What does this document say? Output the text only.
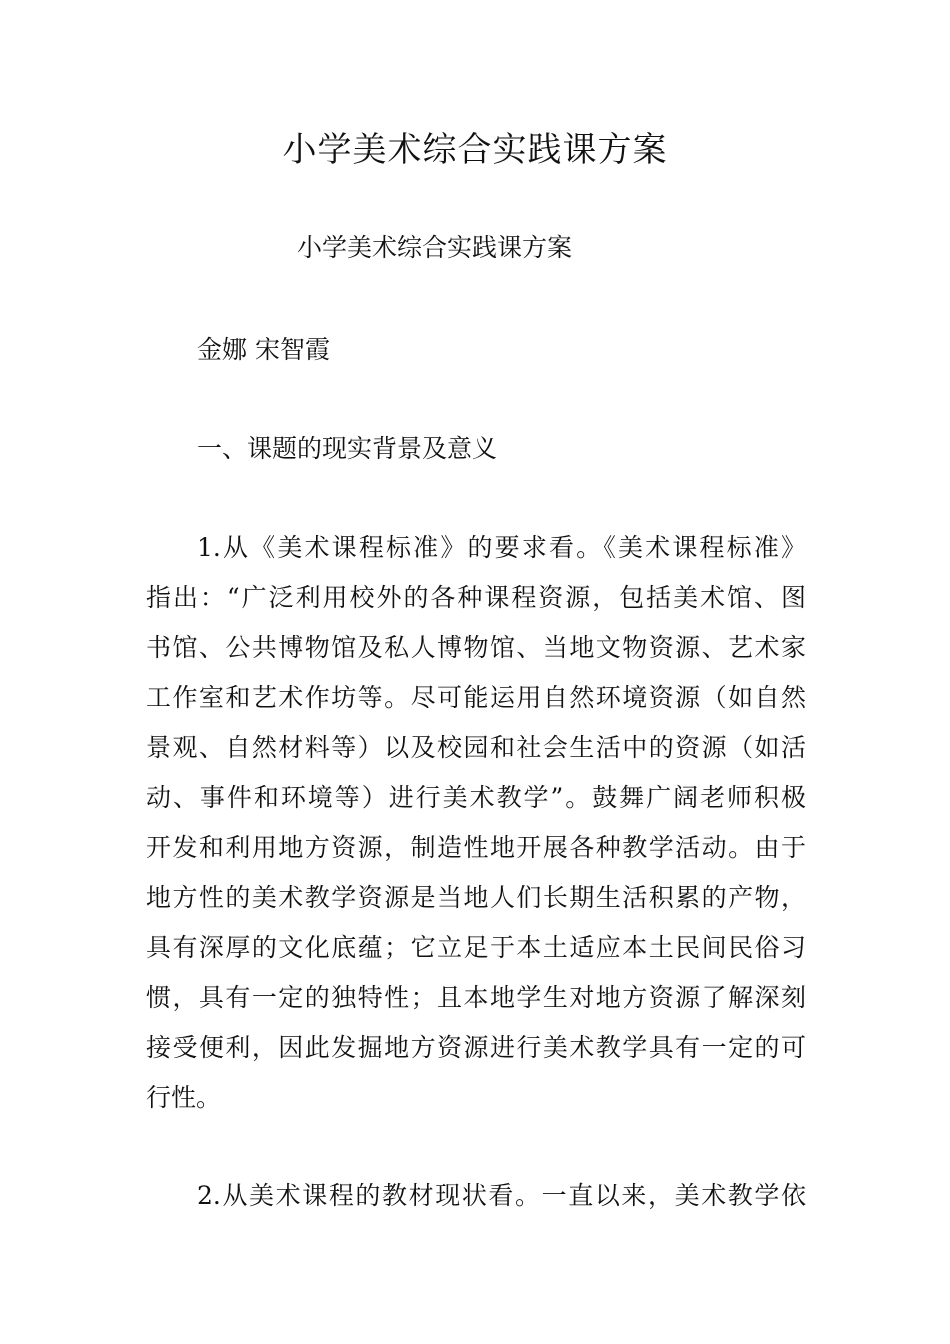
小学美术综合实践课方案
小学美术综合实践课方案
金娜 宋智霞
一、课题的现实背景及意义
1.从《美术课程标准》的要求看。《美术课程标准》
指出：“广泛利用校外的各种课程资源，包括美术馆、图
书馆、公共博物馆及私人博物馆、当地文物资源、艺术家
工作室和艺术作坊等。尽可能运用自然环境资源（如自然
景观、自然材料等）以及校园和社会生活中的资源（如活
动、事件和环境等）进行美术教学”。鼓舞广阔老师积极
开发和利用地方资源，制造性地开展各种教学活动。由于
地方性的美术教学资源是当地人们长期生活积累的产物，
具有深厚的文化底蕴；它立足于本土适应本土民间民俗习
惯，具有一定的独特性；且本地学生对地方资源了解深刻
接受便利，因此发掘地方资源进行美术教学具有一定的可
行性。
2.从美术课程的教材现状看。一直以来，美术教学依
